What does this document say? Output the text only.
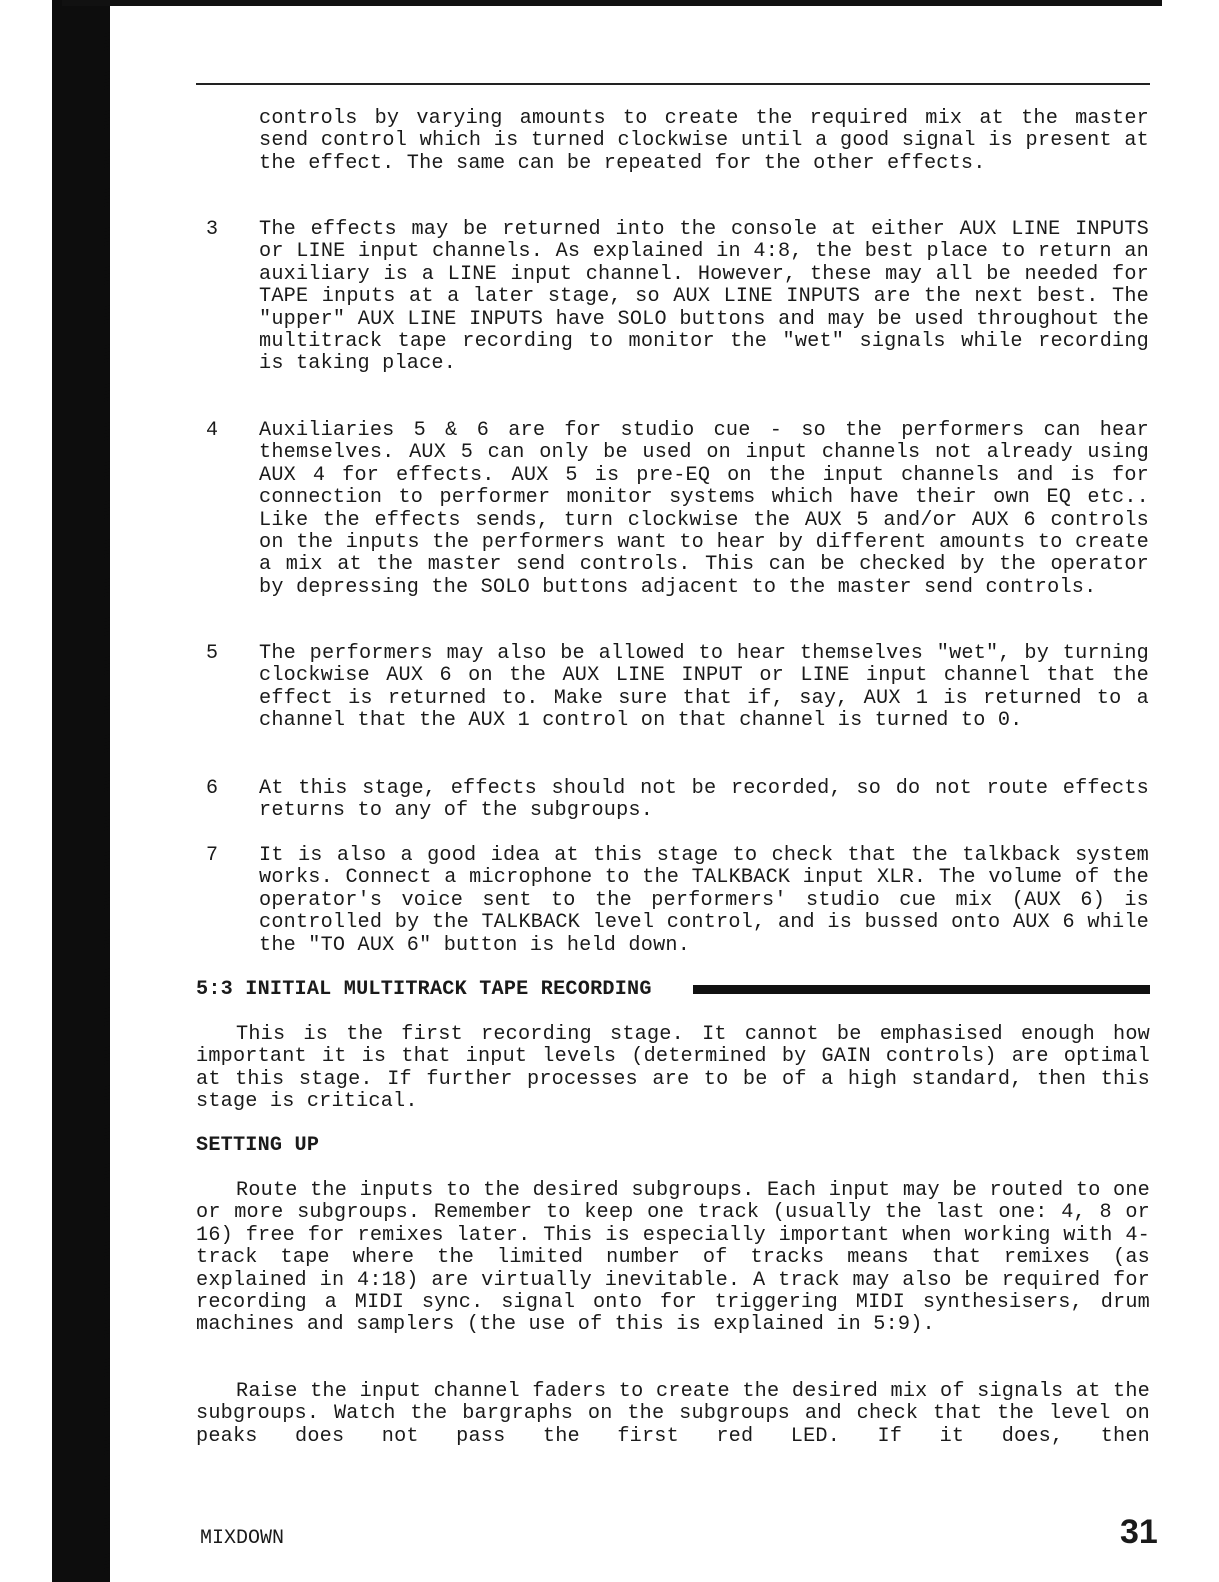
controls by varying amounts to create the required mix at the master send control which is turned clockwise until a good signal is present at the effect. The same can be repeated for the other effects.
3	The effects may be returned into the console at either AUX LINE INPUTS or LINE input channels. As explained in 4:8, the best place to return an auxiliary is a LINE input channel. However, these may all be needed for TAPE inputs at a later stage, so AUX LINE INPUTS are the next best. The "upper" AUX LINE INPUTS have SOLO buttons and may be used throughout the multitrack tape recording to monitor the "wet" signals while recording is taking place.
4	Auxiliaries 5 & 6 are for studio cue - so the performers can hear themselves. AUX 5 can only be used on input channels not already using AUX 4 for effects. AUX 5 is pre-EQ on the input channels and is for connection to performer monitor systems which have their own EQ etc.. Like the effects sends, turn clockwise the AUX 5 and/or AUX 6 controls on the inputs the performers want to hear by different amounts to create a mix at the master send controls. This can be checked by the operator by depressing the SOLO buttons adjacent to the master send controls.
5	The performers may also be allowed to hear themselves "wet", by turning clockwise AUX 6 on the AUX LINE INPUT or LINE input channel that the effect is returned to. Make sure that if, say, AUX 1 is returned to a channel that the AUX 1 control on that channel is turned to 0.
6	At this stage, effects should not be recorded, so do not route effects returns to any of the subgroups.
7	It is also a good idea at this stage to check that the talkback system works. Connect a microphone to the TALKBACK input XLR. The volume of the operator's voice sent to the performers' studio cue mix (AUX 6) is controlled by the TALKBACK level control, and is bussed onto AUX 6 while the "TO AUX 6" button is held down.
5:3 INITIAL MULTITRACK TAPE RECORDING
This is the first recording stage. It cannot be emphasised enough how important it is that input levels (determined by GAIN controls) are optimal at this stage. If further processes are to be of a high standard, then this stage is critical.
SETTING UP
Route the inputs to the desired subgroups. Each input may be routed to one or more subgroups. Remember to keep one track (usually the last one: 4, 8 or 16) free for remixes later. This is especially important when working with 4-track tape where the limited number of tracks means that remixes (as explained in 4:18) are virtually inevitable. A track may also be required for recording a MIDI sync. signal onto for triggering MIDI synthesisers, drum machines and samplers (the use of this is explained in 5:9).
Raise the input channel faders to create the desired mix of signals at the subgroups. Watch the bargraphs on the subgroups and check that the level on peaks does not pass the first red LED. If it does, then
MIXDOWN	31
